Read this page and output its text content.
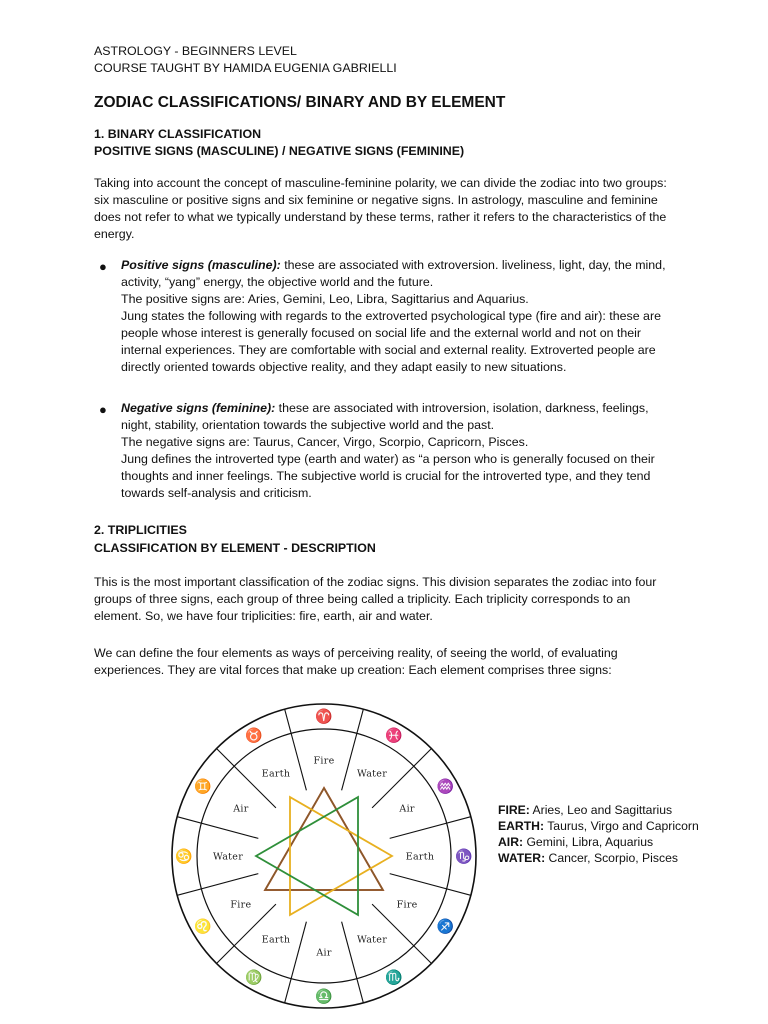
ASTROLOGY - BEGINNERS LEVEL
COURSE TAUGHT BY HAMIDA EUGENIA GABRIELLI
ZODIAC CLASSIFICATIONS/ BINARY AND BY ELEMENT
1. BINARY CLASSIFICATION
POSITIVE SIGNS (MASCULINE) / NEGATIVE SIGNS (FEMININE)
Taking into account the concept of masculine-feminine polarity, we can divide the zodiac into two groups: six masculine or positive signs and six feminine or negative signs. In astrology, masculine and feminine does not refer to what we typically understand by these terms, rather it refers to the characteristics of the energy.
● Positive signs (masculine): these are associated with extroversion. liveliness, light, day, the mind, activity, “yang” energy, the objective world and the future.

The positive signs are: Aries, Gemini, Leo, Libra, Sagittarius and Aquarius.

Jung states the following with regards to the extroverted psychological type (fire and air): these are people whose interest is generally focused on social life and the external world and not on their internal experiences. They are comfortable with social and external reality. Extroverted people are directly oriented towards objective reality, and they adapt easily to new situations.

● Negative signs (feminine): these are associated with introversion, isolation, darkness, feelings, night, stability, orientation towards the subjective world and the past.

The negative signs are: Taurus, Cancer, Virgo, Scorpio, Capricorn, Pisces.

Jung defines the introverted type (earth and water) as “a person who is generally focused on their thoughts and inner feelings. The subjective world is crucial for the introverted type, and they tend towards self-analysis and criticism.

2. TRIPLICITIES
CLASSIFICATION BY ELEMENT - DESCRIPTION
This is the most important classification of the zodiac signs. This division separates the zodiac into four groups of three signs, each group of three being called a triplicity. Each triplicity corresponds to an element. So, we have four triplicities: fire, earth, air and water.
We can define the four elements as ways of perceiving reality, of seeing the world, of evaluating experiences. They are vital forces that make up creation: Each element comprises three signs:
Fire
Water
Air
Earth
Fire
Water
Air
Earth
Fire
Water
Air
Earth
♈
♓
♒
♑
♐
♏
♎
♍
♌
♋
♊
♉
FIRE: Aries, Leo and Sagittarius
EARTH: Taurus, Virgo and Capricorn
AIR: Gemini, Libra, Aquarius
WATER: Cancer, Scorpio, Pisces
